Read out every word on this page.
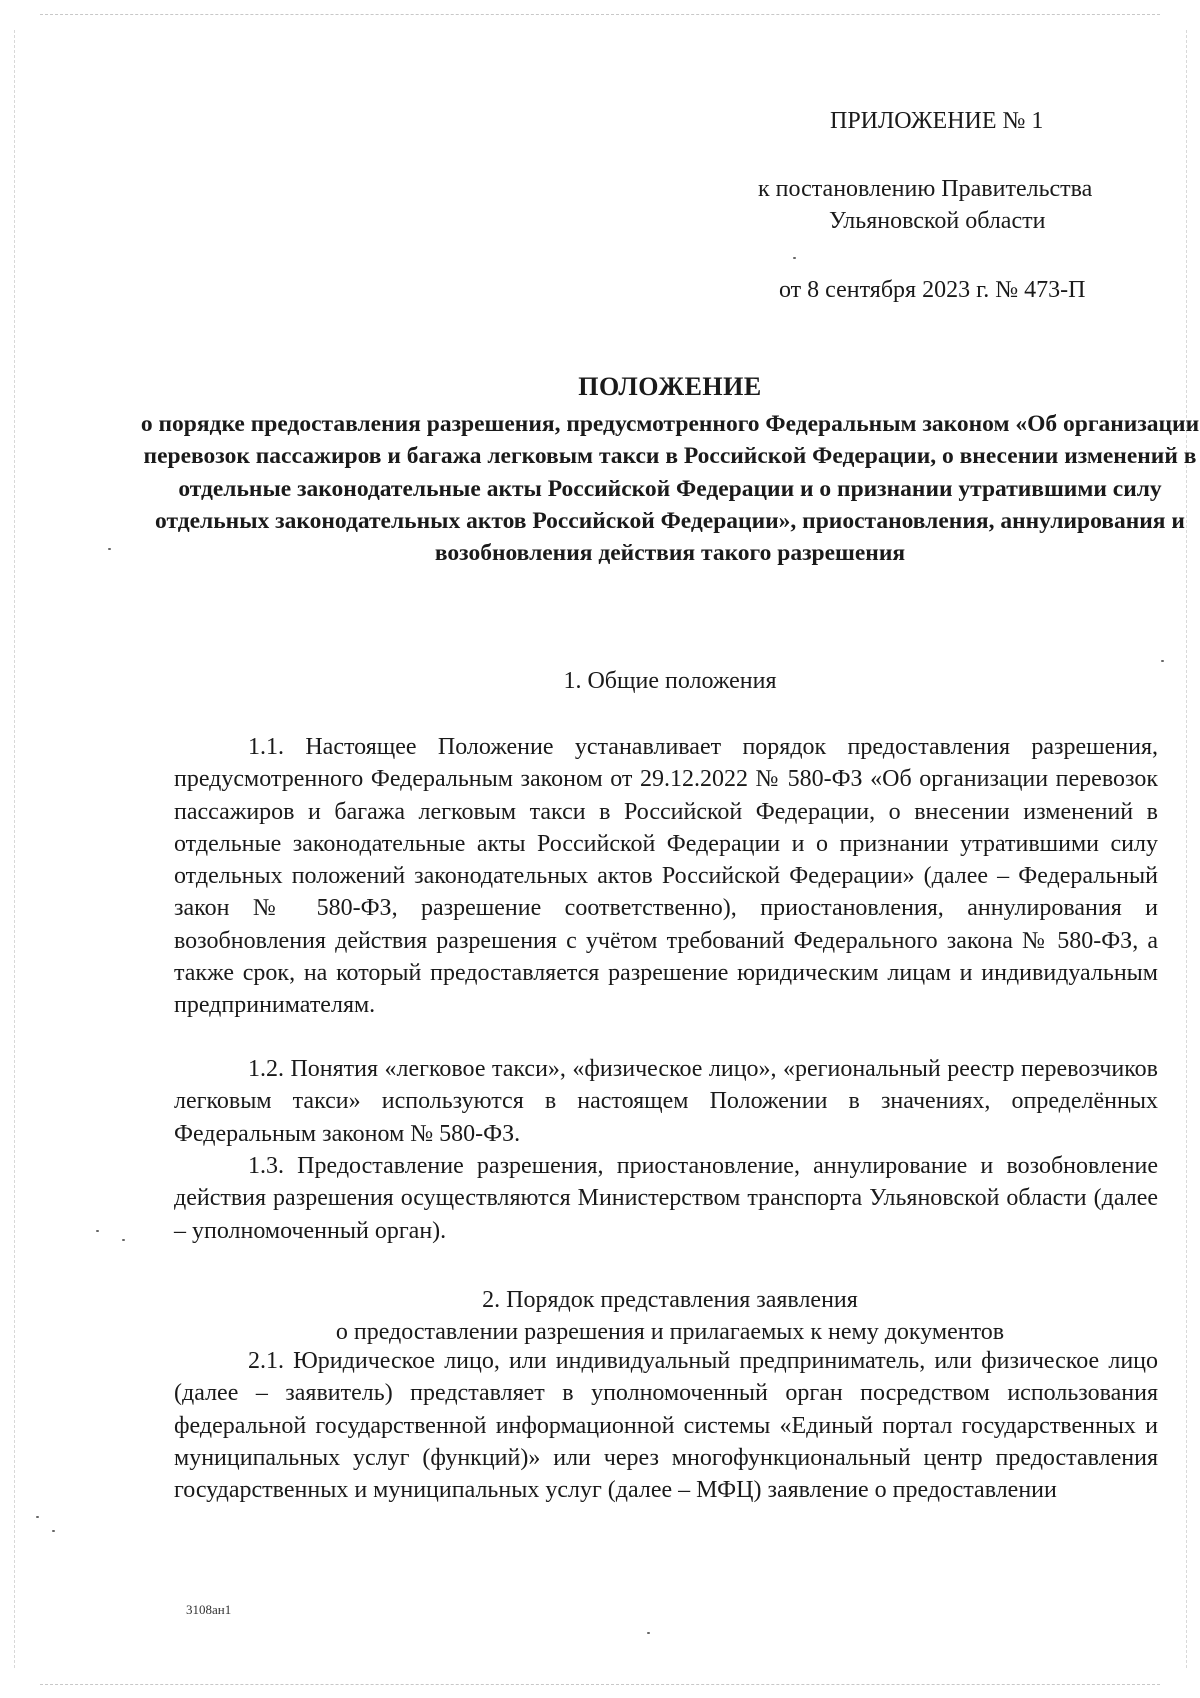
ПРИЛОЖЕНИЕ № 1
к постановлению Правительства
Ульяновской области
от 8 сентября 2023 г. № 473-П
ПОЛОЖЕНИЕ
о порядке предоставления разрешения, предусмотренного Федеральным законом «Об организации перевозок пассажиров и багажа легковым такси в Российской Федерации, о внесении изменений в отдельные законодательные акты Российской Федерации и о признании утратившими силу отдельных законодательных актов Российской Федерации», приостановления, аннулирования и возобновления действия такого разрешения
1. Общие положения
1.1. Настоящее Положение устанавливает порядок предоставления разрешения, предусмотренного Федеральным законом от 29.12.2022 № 580-ФЗ «Об организации перевозок пассажиров и багажа легковым такси в Российской Федерации, о внесении изменений в отдельные законодательные акты Российской Федерации и о признании утратившими силу отдельных положений законодательных актов Российской Федерации» (далее – Федеральный закон № 580-ФЗ, разрешение соответственно), приостановления, аннулирования и возобновления действия разрешения с учётом требований Федерального закона № 580-ФЗ, а также срок, на который предоставляется разрешение юридическим лицам и индивидуальным предпринимателям.
1.2. Понятия «легковое такси», «физическое лицо», «региональный реестр перевозчиков легковым такси» используются в настоящем Положении в значениях, определённых Федеральным законом № 580-ФЗ.
1.3. Предоставление разрешения, приостановление, аннулирование и возобновление действия разрешения осуществляются Министерством транспорта Ульяновской области (далее – уполномоченный орган).
2. Порядок представления заявления
о предоставлении разрешения и прилагаемых к нему документов
2.1. Юридическое лицо, или индивидуальный предприниматель, или физическое лицо (далее – заявитель) представляет в уполномоченный орган посредством использования федеральной государственной информационной системы «Единый портал государственных и муниципальных услуг (функций)» или через многофункциональный центр предоставления государственных и муниципальных услуг (далее – МФЦ) заявление о предоставлении
3108ан1
